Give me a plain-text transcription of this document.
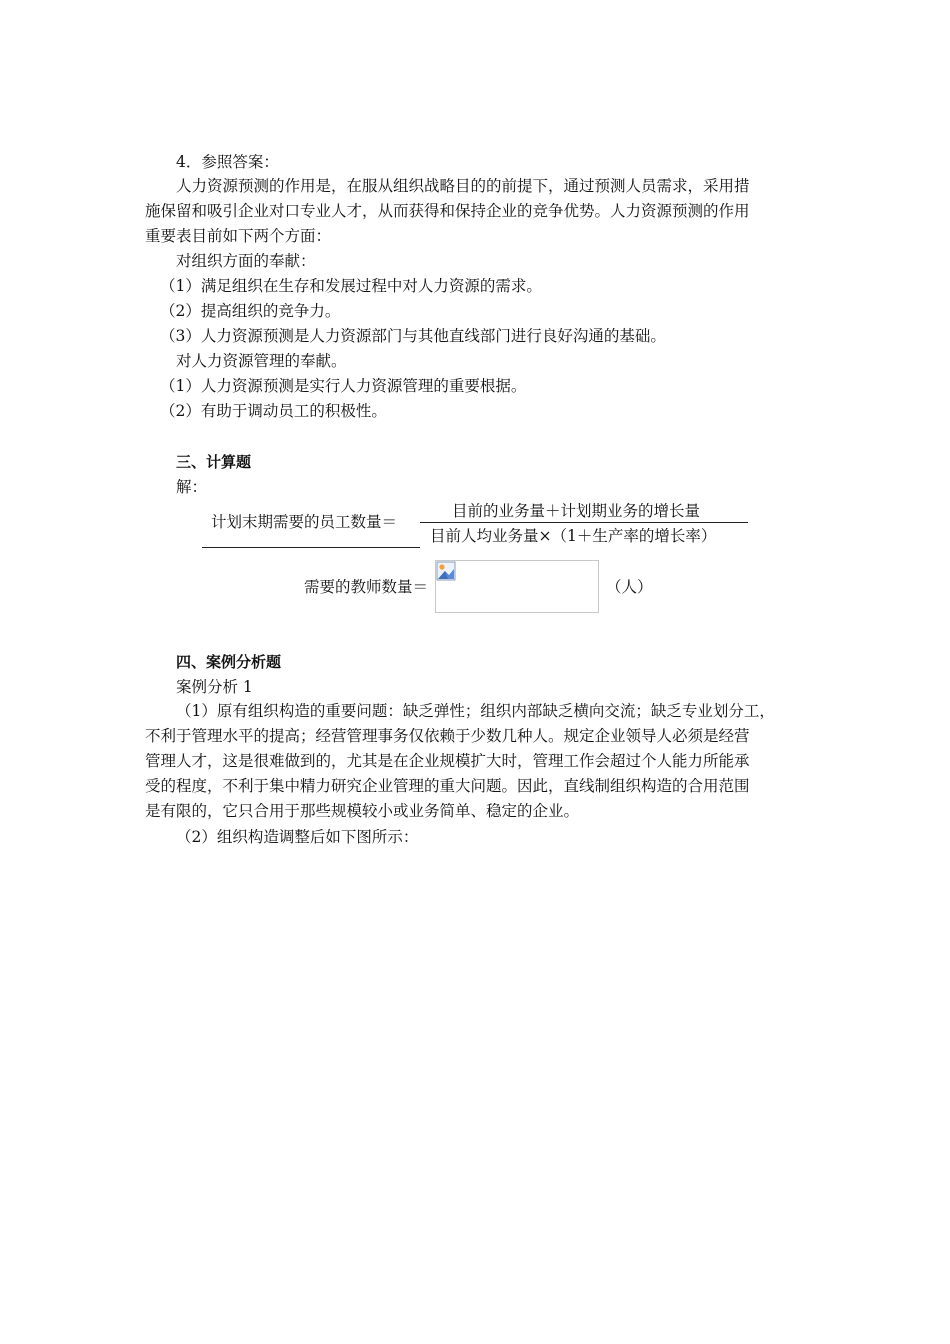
4．参照答案：
人力资源预测的作用是，在服从组织战略目的的前提下，通过预测人员需求，采用措
施保留和吸引企业对口专业人才，从而获得和保持企业的竞争优势。人力资源预测的作用
重要表目前如下两个方面：
对组织方面的奉献：
（1）满足组织在生存和发展过程中对人力资源的需求。
（2）提高组织的竞争力。
（3）人力资源预测是人力资源部门与其他直线部门进行良好沟通的基础。
对人力资源管理的奉献。
（1）人力资源预测是实行人力资源管理的重要根据。
（2）有助于调动员工的积极性。
三、计算题
解：
计划末期需要的员工数量＝
目前的业务量＋计划期业务的增长量
目前人均业务量×（1＋生产率的增长率）
需要的教师数量＝	（人）
四、案例分析题
案例分析 1
（1）原有组织构造的重要问题：缺乏弹性；组织内部缺乏横向交流；缺乏专业划分工，
不利于管理水平的提高；经营管理事务仅依赖于少数几种人。规定企业领导人必须是经营
管理人才，这是很难做到的，尤其是在企业规模扩大时，管理工作会超过个人能力所能承
受的程度，不利于集中精力研究企业管理的重大问题。因此，直线制组织构造的合用范围
是有限的，它只合用于那些规模较小或业务简单、稳定的企业。
（2）组织构造调整后如下图所示：
